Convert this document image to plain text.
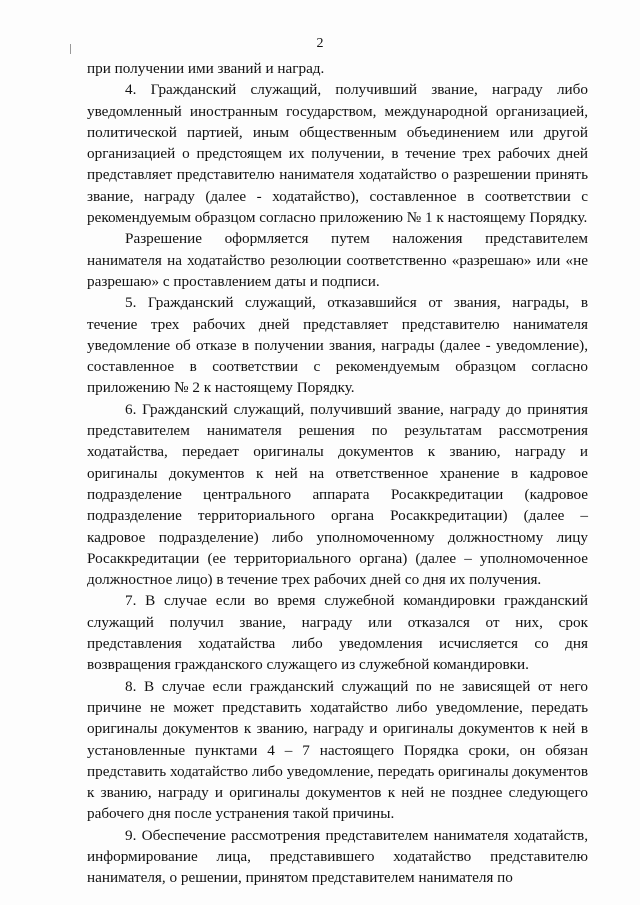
2

при получении ими званий и наград.

4. Гражданский служащий, получивший звание, награду либо уведомленный иностранным государством, международной организацией, политической партией, иным общественным объединением или другой организацией о предстоящем их получении, в течение трех рабочих дней представляет представителю нанимателя ходатайство о разрешении принять звание, награду (далее - ходатайство), составленное в соответствии с рекомендуемым образцом согласно приложению № 1 к настоящему Порядку.

Разрешение оформляется путем наложения представителем нанимателя на ходатайство резолюции соответственно «разрешаю» или «не разрешаю» с проставлением даты и подписи.

5. Гражданский служащий, отказавшийся от звания, награды, в течение трех рабочих дней представляет представителю нанимателя уведомление об отказе в получении звания, награды (далее - уведомление), составленное в соответствии с рекомендуемым образцом согласно приложению № 2 к настоящему Порядку.

6. Гражданский служащий, получивший звание, награду до принятия представителем нанимателя решения по результатам рассмотрения ходатайства, передает оригиналы документов к званию, награду и оригиналы документов к ней на ответственное хранение в кадровое подразделение центрального аппарата Росаккредитации (кадровое подразделение территориального органа Росаккредитации) (далее – кадровое подразделение) либо уполномоченному должностному лицу Росаккредитации (ее территориального органа) (далее – уполномоченное должностное лицо) в течение трех рабочих дней со дня их получения.

7. В случае если во время служебной командировки гражданский служащий получил звание, награду или отказался от них, срок представления ходатайства либо уведомления исчисляется со дня возвращения гражданского служащего из служебной командировки.

8. В случае если гражданский служащий по не зависящей от него причине не может представить ходатайство либо уведомление, передать оригиналы документов к званию, награду и оригиналы документов к ней в установленные пунктами 4 – 7 настоящего Порядка сроки, он обязан представить ходатайство либо уведомление, передать оригиналы документов к званию, награду и оригиналы документов к ней не позднее следующего рабочего дня после устранения такой причины.

9. Обеспечение рассмотрения представителем нанимателя ходатайств, информирование лица, представившего ходатайство представителю нанимателя, о решении, принятом представителем нанимателя по
